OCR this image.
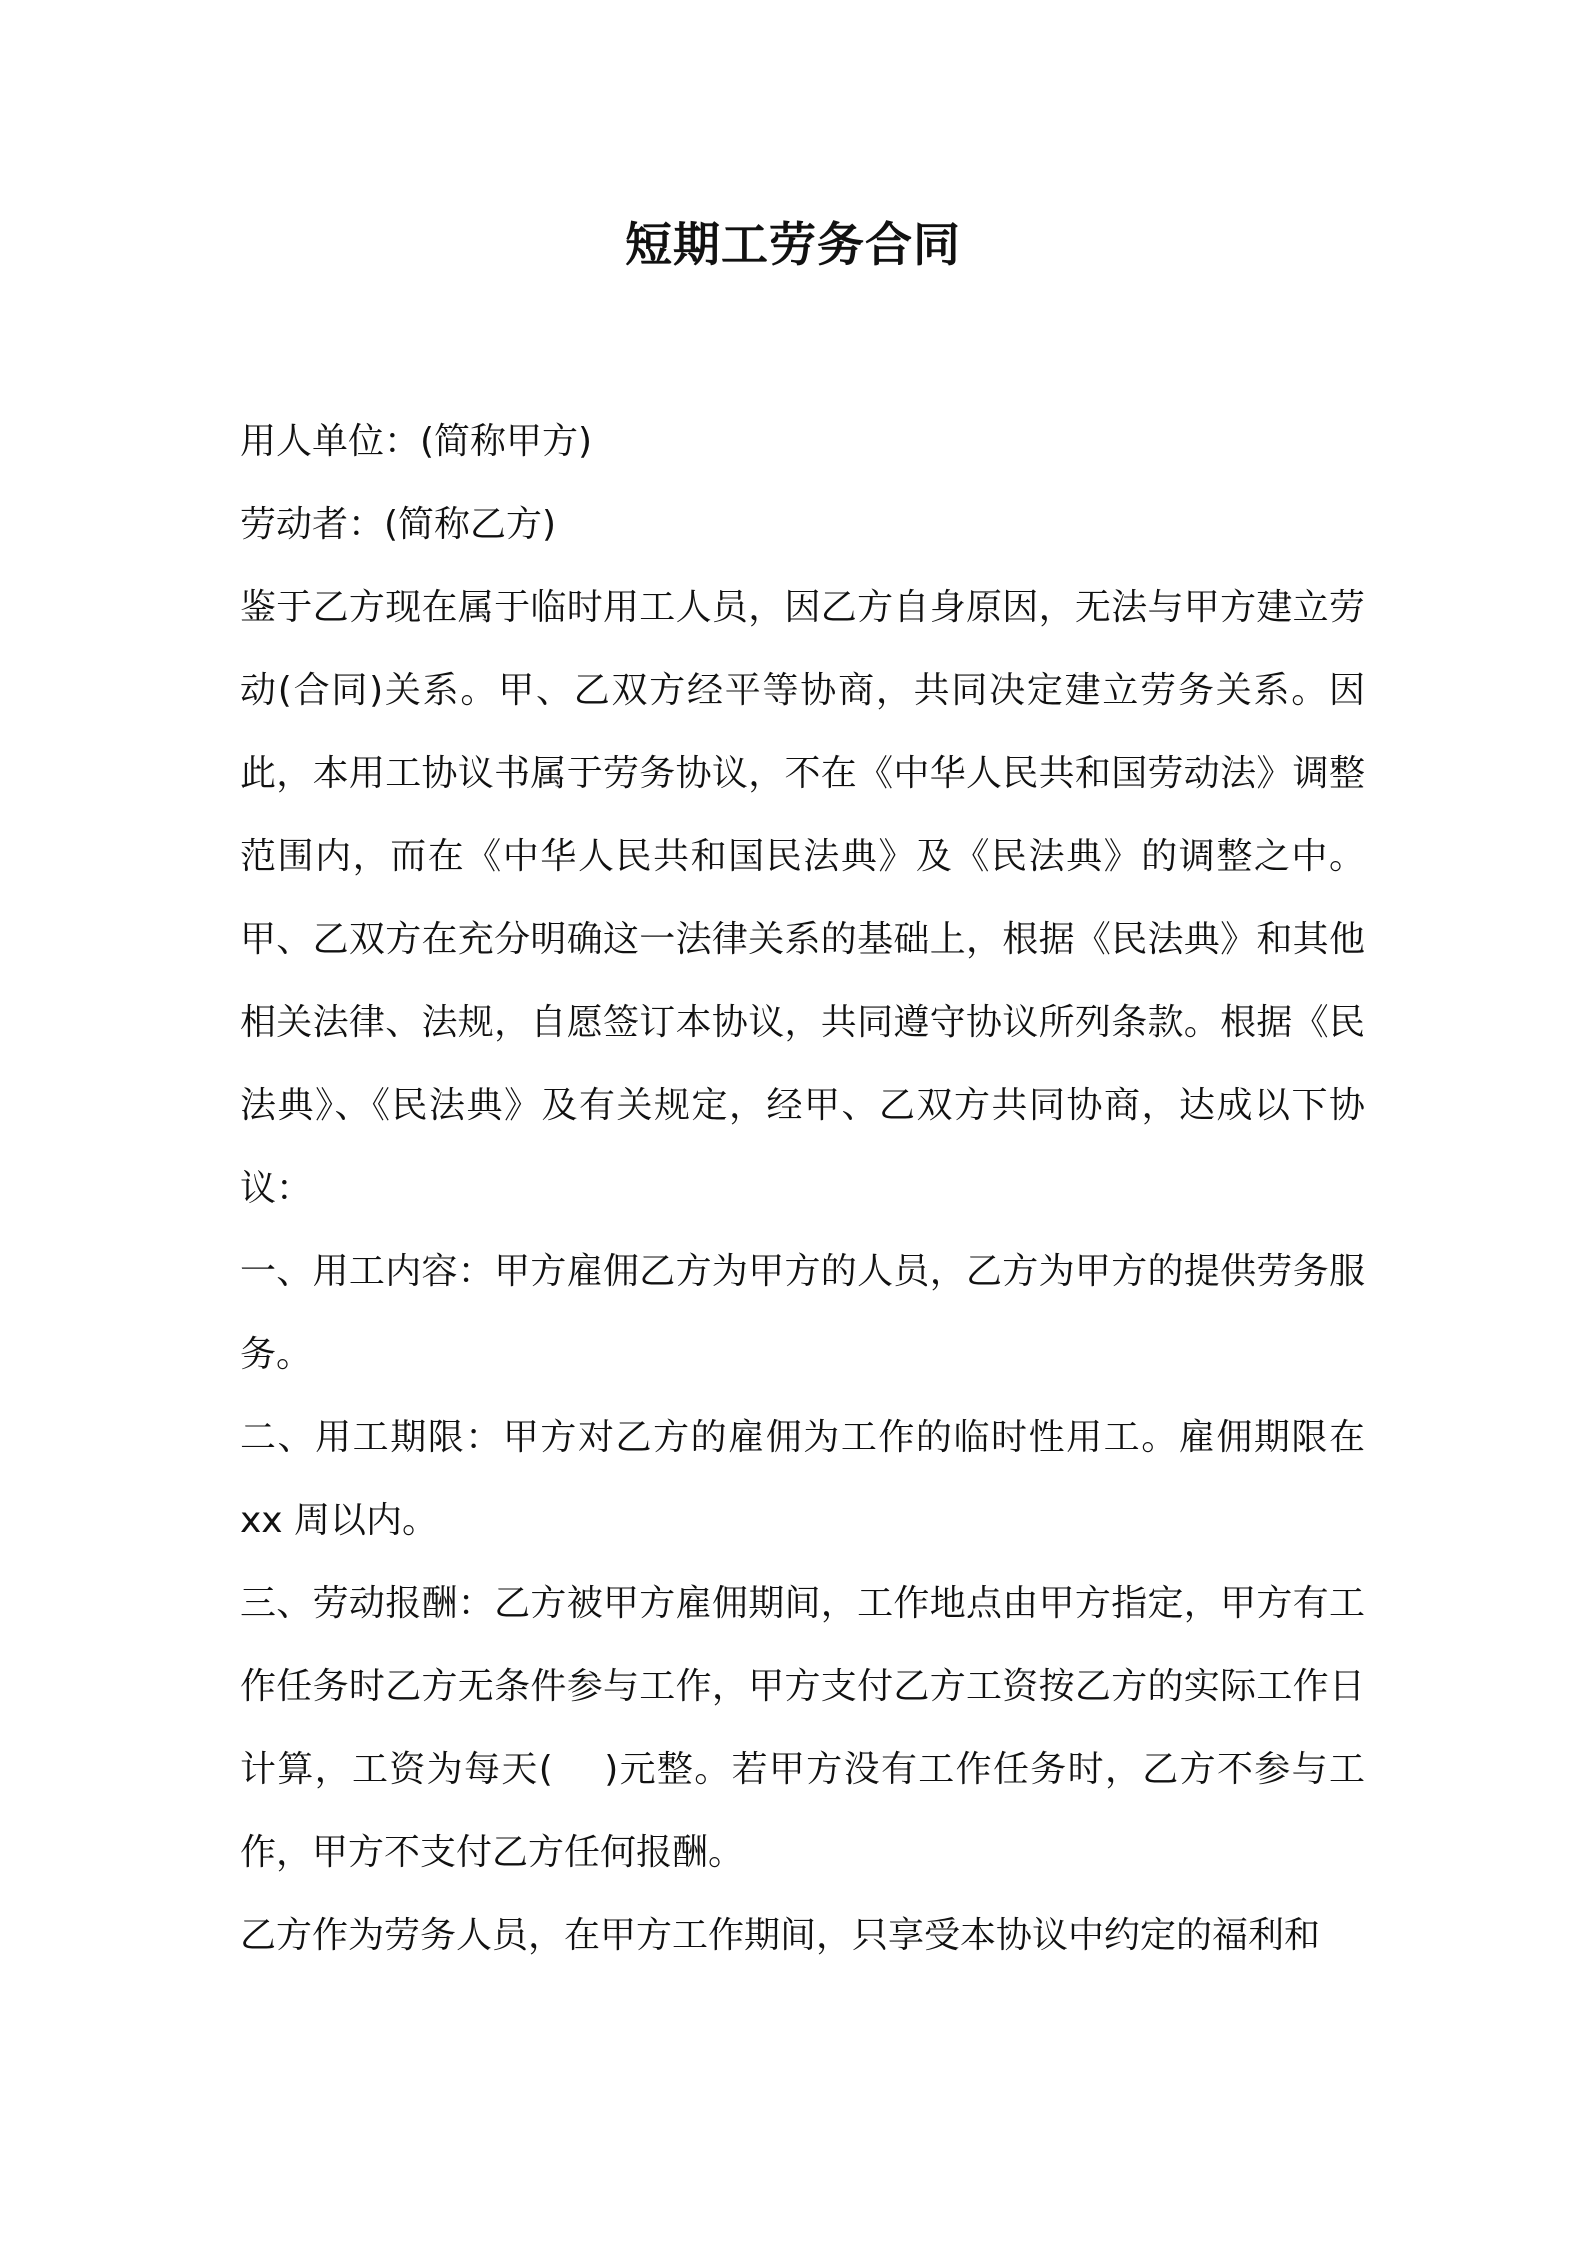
短期工劳务合同

用人单位：(简称甲方)

劳动者：(简称乙方)

鉴于乙方现在属于临时用工人员，因乙方自身原因，无法与甲方建立劳动(合同)关系。甲、乙双方经平等协商，共同决定建立劳务关系。因此，本用工协议书属于劳务协议，不在《中华人民共和国劳动法》调整范围内，而在《中华人民共和国民法典》及《民法典》的调整之中。甲、乙双方在充分明确这一法律关系的基础上，根据《民法典》和其他相关法律、法规，自愿签订本协议，共同遵守协议所列条款。根据《民法典》、《民法典》及有关规定，经甲、乙双方共同协商，达成以下协议：

一、用工内容：甲方雇佣乙方为甲方的人员，乙方为甲方的提供劳务服务。

二、用工期限：甲方对乙方的雇佣为工作的临时性用工。雇佣期限在 xx 周以内。

三、劳动报酬：乙方被甲方雇佣期间，工作地点由甲方指定，甲方有工作任务时乙方无条件参与工作，甲方支付乙方工资按乙方的实际工作日计算，工资为每天(　 )元整。若甲方没有工作任务时，乙方不参与工作，甲方不支付乙方任何报酬。

乙方作为劳务人员，在甲方工作期间，只享受本协议中约定的福利和
